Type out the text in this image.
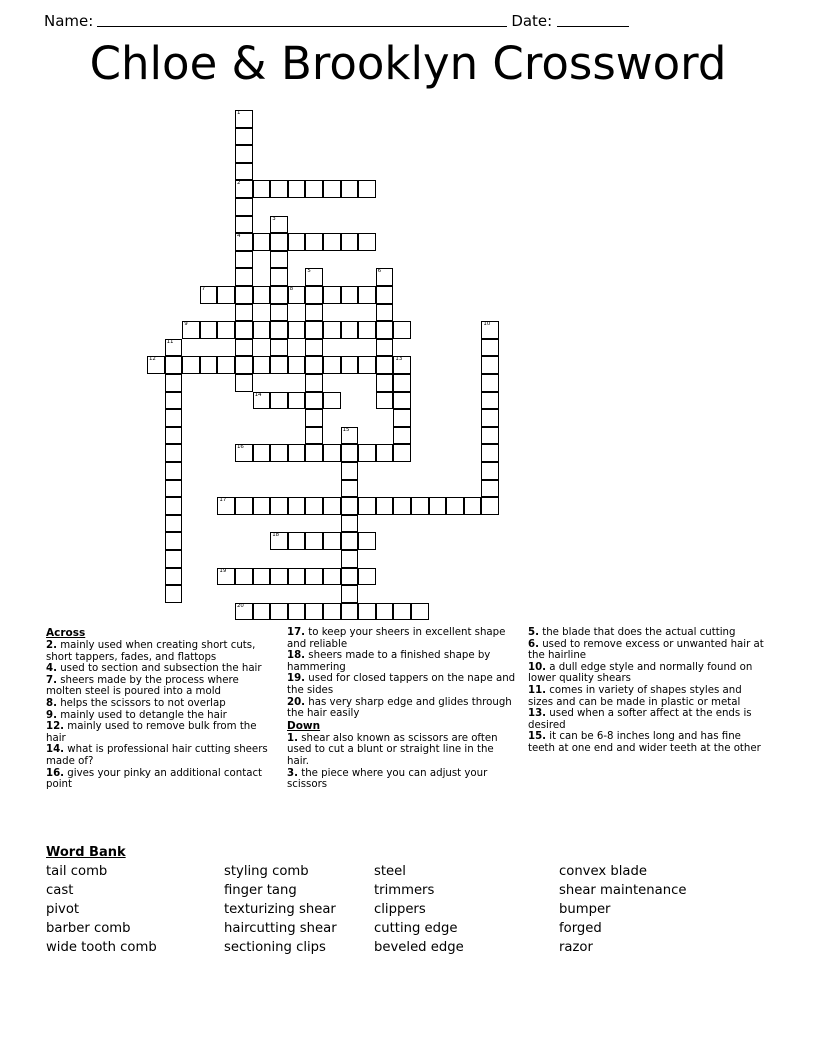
Name:	Date:
Chloe & Brooklyn Crossword
1
2
3
4
5	6
7	8
9	10
11
12	13
14
15
16
17
18
19
20
Across
2. mainly used when creating short cuts, short tappers, fades, and flattops
4. used to section and subsection the hair
7. sheers made by the process where molten steel is poured into a mold
8. helps the scissors to not overlap
9. mainly used to detangle the hair
12. mainly used to remove bulk from the hair
14. what is professional hair cutting sheers made of?
16. gives your pinky an additional contact point
17. to keep your sheers in excellent shape and reliable
18. sheers made to a finished shape by hammering
19. used for closed tappers on the nape and the sides
20. has very sharp edge and glides through the hair easily
Down
1. shear also known as scissors are often used to cut a blunt or straight line in the hair.
3. the piece where you can adjust your scissors
5. the blade that does the actual cutting
6. used to remove excess or unwanted hair at the hairline
10. a dull edge style and normally found on lower quality shears
11. comes in variety of shapes styles and sizes and can be made in plastic or metal
13. used when a softer affect at the ends is desired
15. it can be 6-8 inches long and has fine teeth at one end and wider teeth at the other
Word Bank
tail comb	styling comb	steel	convex blade
cast	finger tang	trimmers	shear maintenance
pivot	texturizing shear	clippers	bumper
barber comb	haircutting shear	cutting edge	forged
wide tooth comb	sectioning clips	beveled edge	razor
